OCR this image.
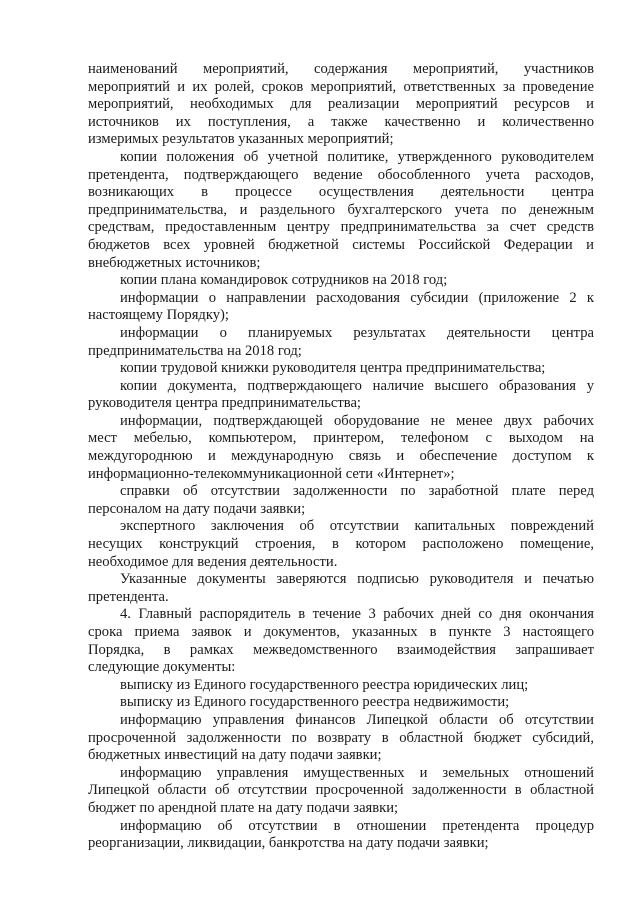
наименований мероприятий, содержания мероприятий, участников
мероприятий и их ролей, сроков мероприятий, ответственных за проведение
мероприятий, необходимых для реализации мероприятий ресурсов и
источников их поступления, а также качественно и количественно
измеримых результатов указанных мероприятий;
копии положения об учетной политике, утвержденного руководителем
претендента, подтверждающего ведение обособленного учета расходов,
возникающих в процессе осуществления деятельности центра
предпринимательства, и раздельного бухгалтерского учета по денежным
средствам, предоставленным центру предпринимательства за счет средств
бюджетов всех уровней бюджетной системы Российской Федерации и
внебюджетных источников;
копии плана командировок сотрудников на 2018 год;
информации о направлении расходования субсидии (приложение 2 к
настоящему Порядку);
информации о планируемых результатах деятельности центра
предпринимательства на 2018 год;
копии трудовой книжки руководителя центра предпринимательства;
копии документа, подтверждающего наличие высшего образования у
руководителя центра предпринимательства;
информации, подтверждающей оборудование не менее двух рабочих
мест мебелью, компьютером, принтером, телефоном с выходом на
междугороднюю и международную связь и обеспечение доступом к
информационно-телекоммуникационной сети «Интернет»;
справки об отсутствии задолженности по заработной плате перед
персоналом на дату подачи заявки;
экспертного заключения об отсутствии капитальных повреждений
несущих конструкций строения, в котором расположено помещение,
необходимое для ведения деятельности.
Указанные документы заверяются подписью руководителя и печатью
претендента.
4. Главный распорядитель в течение 3 рабочих дней со дня окончания
срока приема заявок и документов, указанных в пункте 3 настоящего
Порядка, в рамках межведомственного взаимодействия запрашивает
следующие документы:
выписку из Единого государственного реестра юридических лиц;
выписку из Единого государственного реестра недвижимости;
информацию управления финансов Липецкой области об отсутствии
просроченной задолженности по возврату в областной бюджет субсидий,
бюджетных инвестиций на дату подачи заявки;
информацию управления имущественных и земельных отношений
Липецкой области об отсутствии просроченной задолженности в областной
бюджет по арендной плате на дату подачи заявки;
информацию об отсутствии в отношении претендента процедур
реорганизации, ликвидации, банкротства на дату подачи заявки;
